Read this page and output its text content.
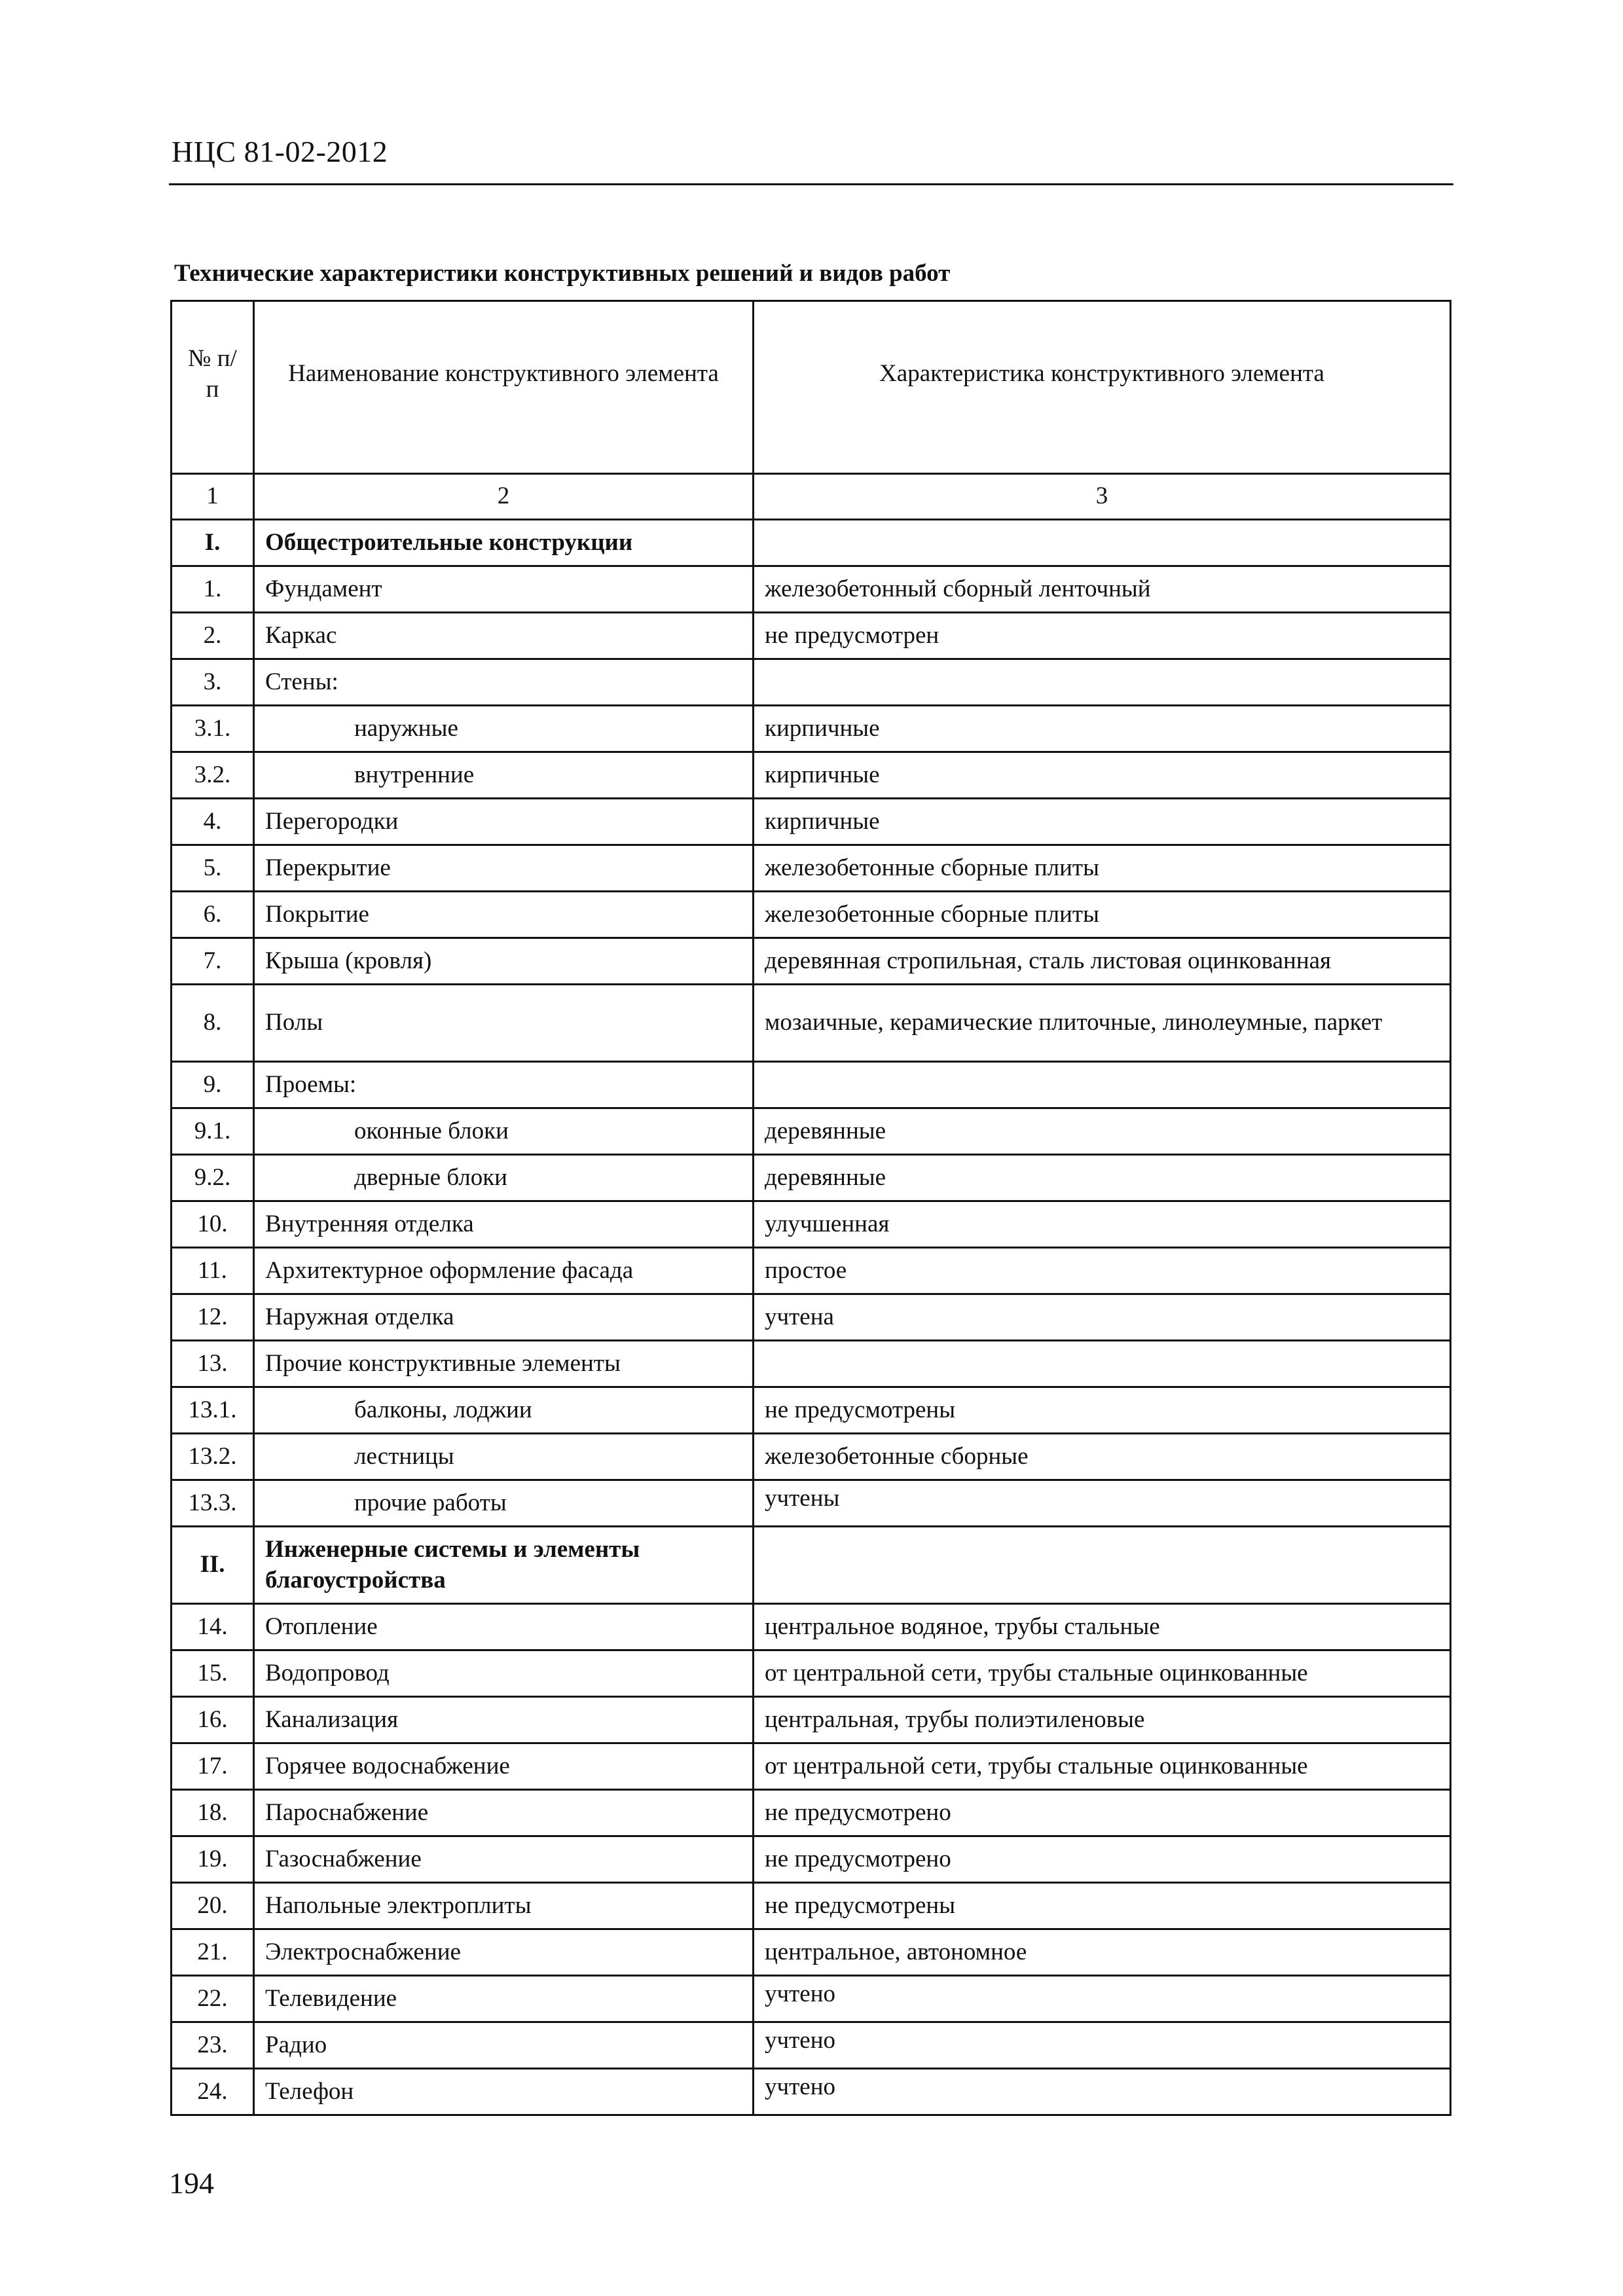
НЦС 81-02-2012
Технические характеристики конструктивных решений и видов работ
№ п/п	Наименование конструктивного элемента	Характеристика конструктивного элемента
1	2	3
I.	Общестроительные конструкции	
1.	Фундамент	железобетонный сборный ленточный
2.	Каркас	не предусмотрен
3.	Стены:	
3.1.	наружные	кирпичные
3.2.	внутренние	кирпичные
4.	Перегородки	кирпичные
5.	Перекрытие	железобетонные сборные плиты
6.	Покрытие	железобетонные сборные плиты
7.	Крыша (кровля)	деревянная стропильная, сталь листовая оцинкованная
8.	Полы	мозаичные, керамические плиточные, линолеумные, паркет
9.	Проемы:	
9.1.	оконные блоки	деревянные
9.2.	дверные блоки	деревянные
10.	Внутренняя отделка	улучшенная
11.	Архитектурное оформление фасада	простое
12.	Наружная отделка	учтена
13.	Прочие конструктивные элементы	
13.1.	балконы, лоджии	не предусмотрены
13.2.	лестницы	железобетонные сборные
13.3.	прочие работы	учтены
II.	Инженерные системы и элементы благоустройства	
14.	Отопление	центральное водяное, трубы стальные
15.	Водопровод	от центральной сети, трубы стальные оцинкованные
16.	Канализация	центральная, трубы полиэтиленовые
17.	Горячее водоснабжение	от центральной сети, трубы стальные оцинкованные
18.	Пароснабжение	не предусмотрено
19.	Газоснабжение	не предусмотрено
20.	Напольные электроплиты	не предусмотрены
21.	Электроснабжение	центральное, автономное
22.	Телевидение	учтено
23.	Радио	учтено
24.	Телефон	учтено
194
